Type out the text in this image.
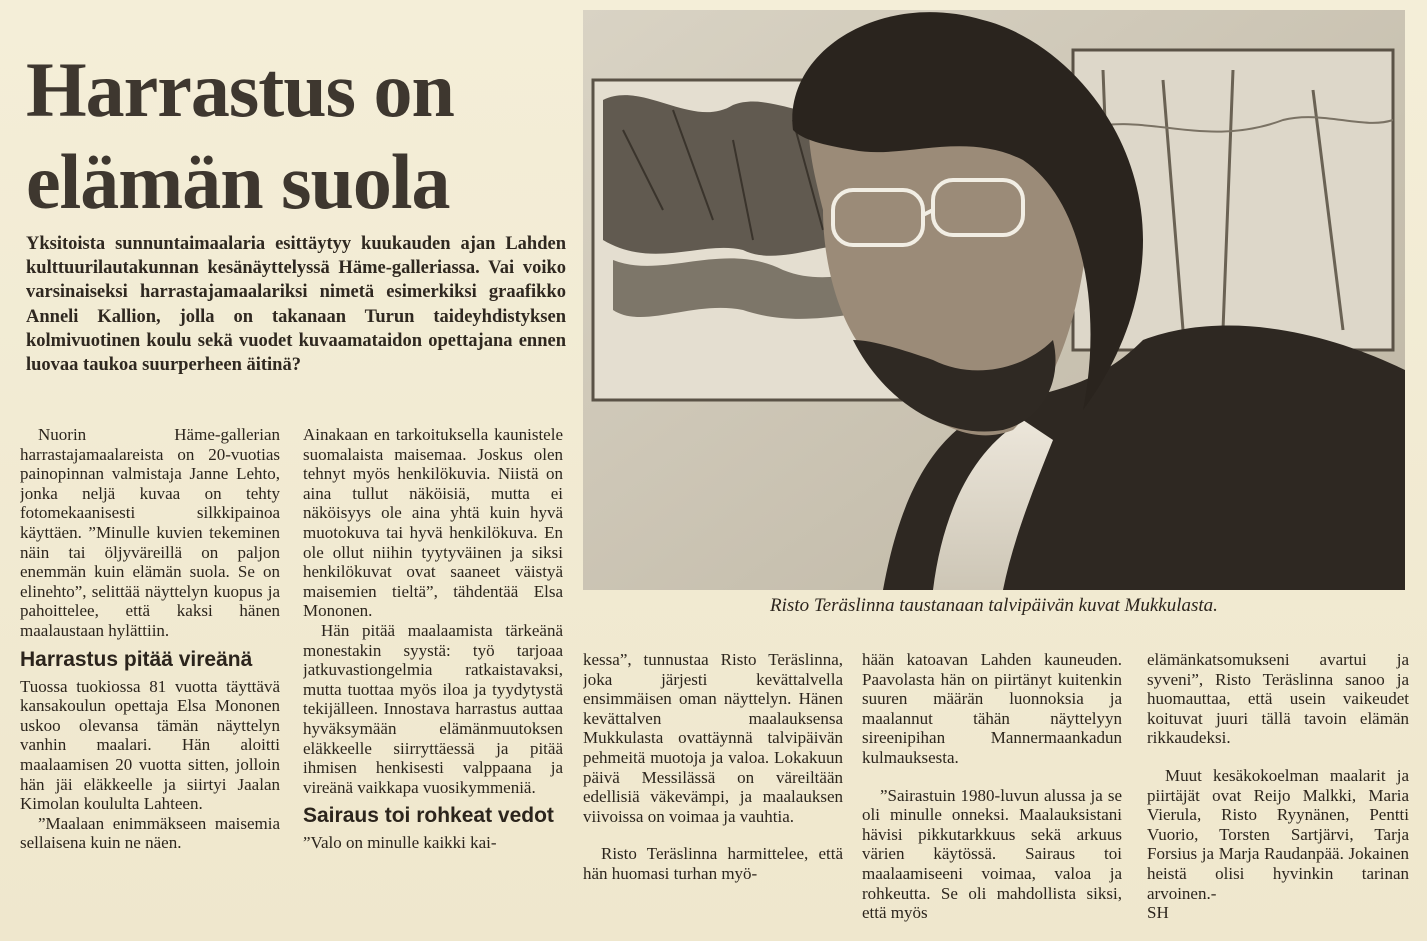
Harrastus on
elämän suola

Yksitoista sunnuntaimaalaria esittäytyy kuukauden ajan Lahden kulttuurilautakunnan kesänäyttelyssä Häme-galleriassa. Vai voiko varsinaiseksi harrastajamaalariksi nimetä esimerkiksi graafikko Anneli Kallion, jolla on takanaan Turun taideyhdistyksen kolmivuotinen koulu sekä vuodet kuvaamataidon opettajana ennen luovaa taukoa suurperheen äitinä?

Risto Teräslinna taustanaan talvipäivän kuvat Mukkulasta.

Nuorin Häme-gallerian harrastajamaalareista on 20-vuotias painopinnan valmistaja Janne Lehto, jonka neljä kuvaa on tehty fotomekaanisesti silkkipainoa käyttäen. ”Minulle kuvien tekeminen näin tai öljyväreillä on paljon enemmän kuin elämän suola. Se on elinehto”, selittää näyttelyn kuopus ja pahoittelee, että kaksi hänen maalaustaan hylättiin.

Harrastus pitää vireänä

Tuossa tuokiossa 81 vuotta täyttävä kansakoulun opettaja Elsa Mononen uskoo olevansa tämän näyttelyn vanhin maalari. Hän aloitti maalaamisen 20 vuotta sitten, jolloin hän jäi eläkkeelle ja siirtyi Jaalan Kimolan koululta Lahteen.

”Maalaan enimmäkseen maisemia sellaisena kuin ne näen.

Ainakaan en tarkoituksella kaunistele suomalaista maisemaa. Joskus olen tehnyt myös henkilökuvia. Niistä on aina tullut näköisiä, mutta ei näköisyys ole aina yhtä kuin hyvä muotokuva tai hyvä henkilökuva. En ole ollut niihin tyytyväinen ja siksi henkilökuvat ovat saaneet väistyä maisemien tieltä”, tähdentää Elsa Mononen.

Hän pitää maalaamista tärkeänä monestakin syystä: työ tarjoaa jatkuvastiongelmia ratkaistavaksi, mutta tuottaa myös iloa ja tyydytystä tekijälleen. Innostava harrastus auttaa hyväksymään elämänmuutoksen eläkkeelle siirryttäessä ja pitää ihmisen henkisesti valppaana ja vireänä vaikkapa vuosikymmeniä.

Sairaus toi rohkeat vedot

”Valo on minulle kaikki kai-

kessa”, tunnustaa Risto Teräslinna, joka järjesti kevättalvella ensimmäisen oman näyttelyn. Hänen kevättalven maalauksensa Mukkulasta ovattäynnä talvipäivän pehmeitä muotoja ja valoa. Lokakuun päivä Messilässä on väreiltään edellisiä väkevämpi, ja maalauksen viivoissa on voimaa ja vauhtia.

Risto Teräslinna harmittelee, että hän huomasi turhan myö-

hään katoavan Lahden kauneuden. Paavolasta hän on piirtänyt kuitenkin suuren määrän luonnoksia ja maalannut tähän näyttelyyn sireenipihan Mannermaankadun kulmauksesta.

”Sairastuin 1980-luvun alussa ja se oli minulle onneksi. Maalauksistani hävisi pikkutarkkuus sekä arkuus värien käytössä. Sairaus toi maalaamiseeni voimaa, valoa ja rohkeutta. Se oli mahdollista siksi, että myös

elämänkatsomukseni avartui ja syveni”, Risto Teräslinna sanoo ja huomauttaa, että usein vaikeudet koituvat juuri tällä tavoin elämän rikkaudeksi.

Muut kesäkokoelman maalarit ja piirtäjät ovat Reijo Malkki, Maria Vierula, Risto Ryynänen, Pentti Vuorio, Torsten Sartjärvi, Tarja Forsius ja Marja Raudanpää. Jokainen heistä olisi hyvinkin tarinan arvoinen.-

SH
